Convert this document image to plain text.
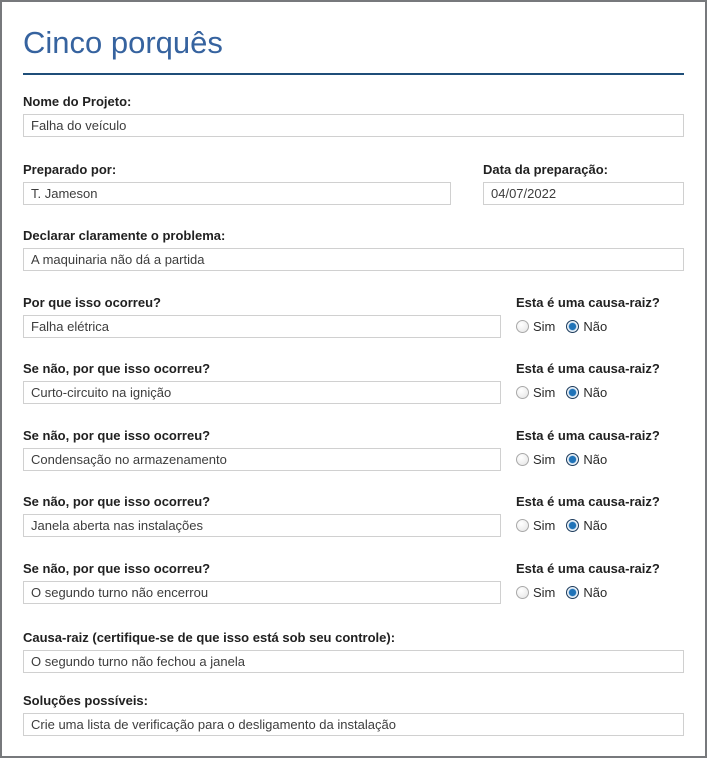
Cinco porquês
Nome do Projeto:
Falha do veículo
Preparado por:
T. Jameson	Data da preparação:
04/07/2022
Declarar claramente o problema:
A maquinaria não dá a partida
Por que isso ocorreu?
Falha elétrica	Esta é uma causa-raiz?
Sim Não
Se não, por que isso ocorreu?
Curto-circuito na ignição	Esta é uma causa-raiz?
Sim Não
Se não, por que isso ocorreu?
Condensação no armazenamento	Esta é uma causa-raiz?
Sim Não
Se não, por que isso ocorreu?
Janela aberta nas instalações	Esta é uma causa-raiz?
Sim Não
Se não, por que isso ocorreu?
O segundo turno não encerrou	Esta é uma causa-raiz?
Sim Não
Causa-raiz (certifique-se de que isso está sob seu controle):
O segundo turno não fechou a janela
Soluções possíveis:
Crie uma lista de verificação para o desligamento da instalação
